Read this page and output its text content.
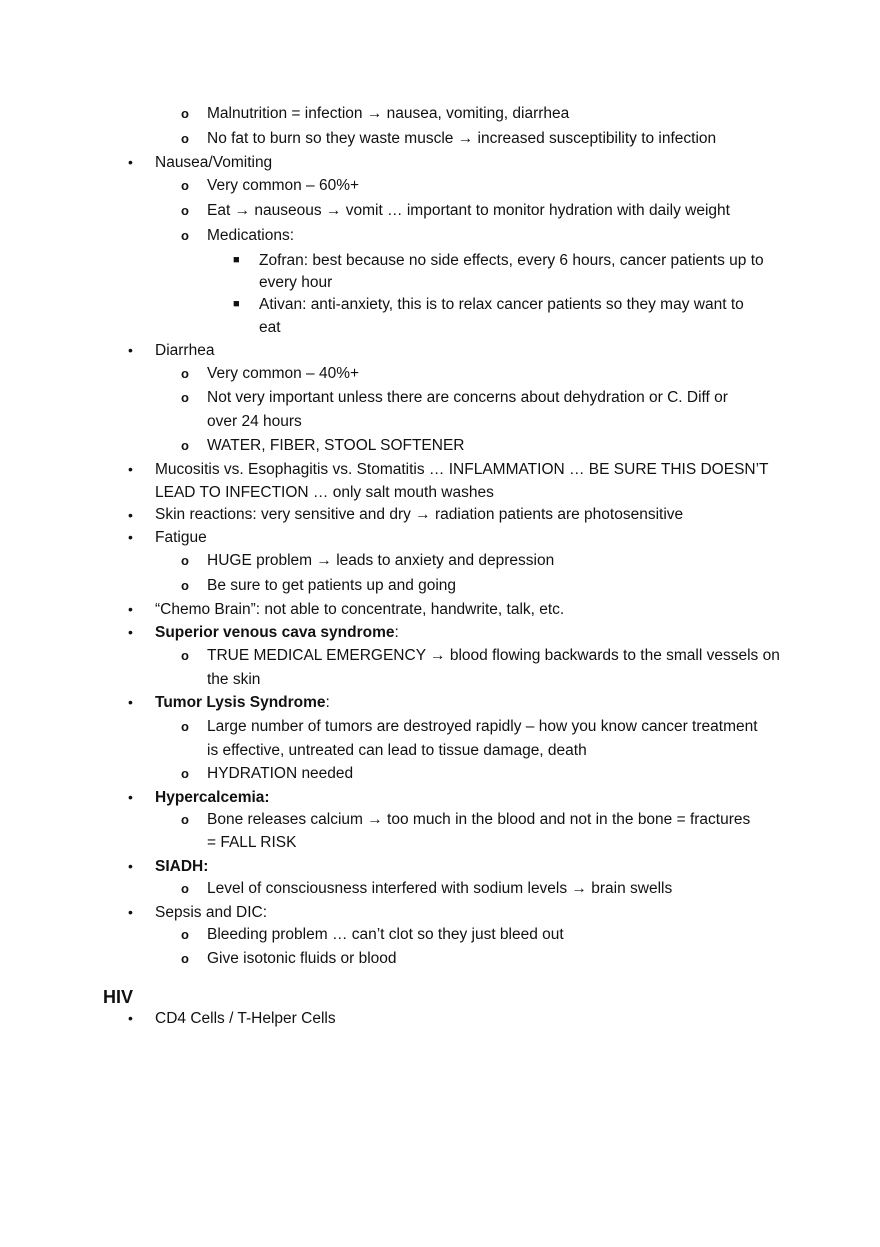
o Malnutrition = infection → nausea, vomiting, diarrhea
o No fat to burn so they waste muscle → increased susceptibility to infection
• Nausea/Vomiting
o Very common – 60%+
o Eat → nauseous → vomit … important to monitor hydration with daily weight
o Medications:
■ Zofran: best because no side effects, every 6 hours, cancer patients up to
every hour
■ Ativan: anti-anxiety, this is to relax cancer patients so they may want to
eat
• Diarrhea
o Very common – 40%+
o Not very important unless there are concerns about dehydration or C. Diff or
over 24 hours
o WATER, FIBER, STOOL SOFTENER
• Mucositis vs. Esophagitis vs. Stomatitis … INFLAMMATION … BE SURE THIS DOESN’T
LEAD TO INFECTION … only salt mouth washes
• Skin reactions: very sensitive and dry → radiation patients are photosensitive
• Fatigue
o HUGE problem → leads to anxiety and depression
o Be sure to get patients up and going
• “Chemo Brain”: not able to concentrate, handwrite, talk, etc.
• Superior venous cava syndrome:
o TRUE MEDICAL EMERGENCY → blood flowing backwards to the small vessels on
the skin
• Tumor Lysis Syndrome:
o Large number of tumors are destroyed rapidly – how you know cancer treatment
is effective, untreated can lead to tissue damage, death
o HYDRATION needed
• Hypercalcemia:
o Bone releases calcium → too much in the blood and not in the bone = fractures
= FALL RISK
• SIADH:
o Level of consciousness interfered with sodium levels → brain swells
• Sepsis and DIC:
o Bleeding problem … can’t clot so they just bleed out
o Give isotonic fluids or blood
HIV
• CD4 Cells / T-Helper Cells
